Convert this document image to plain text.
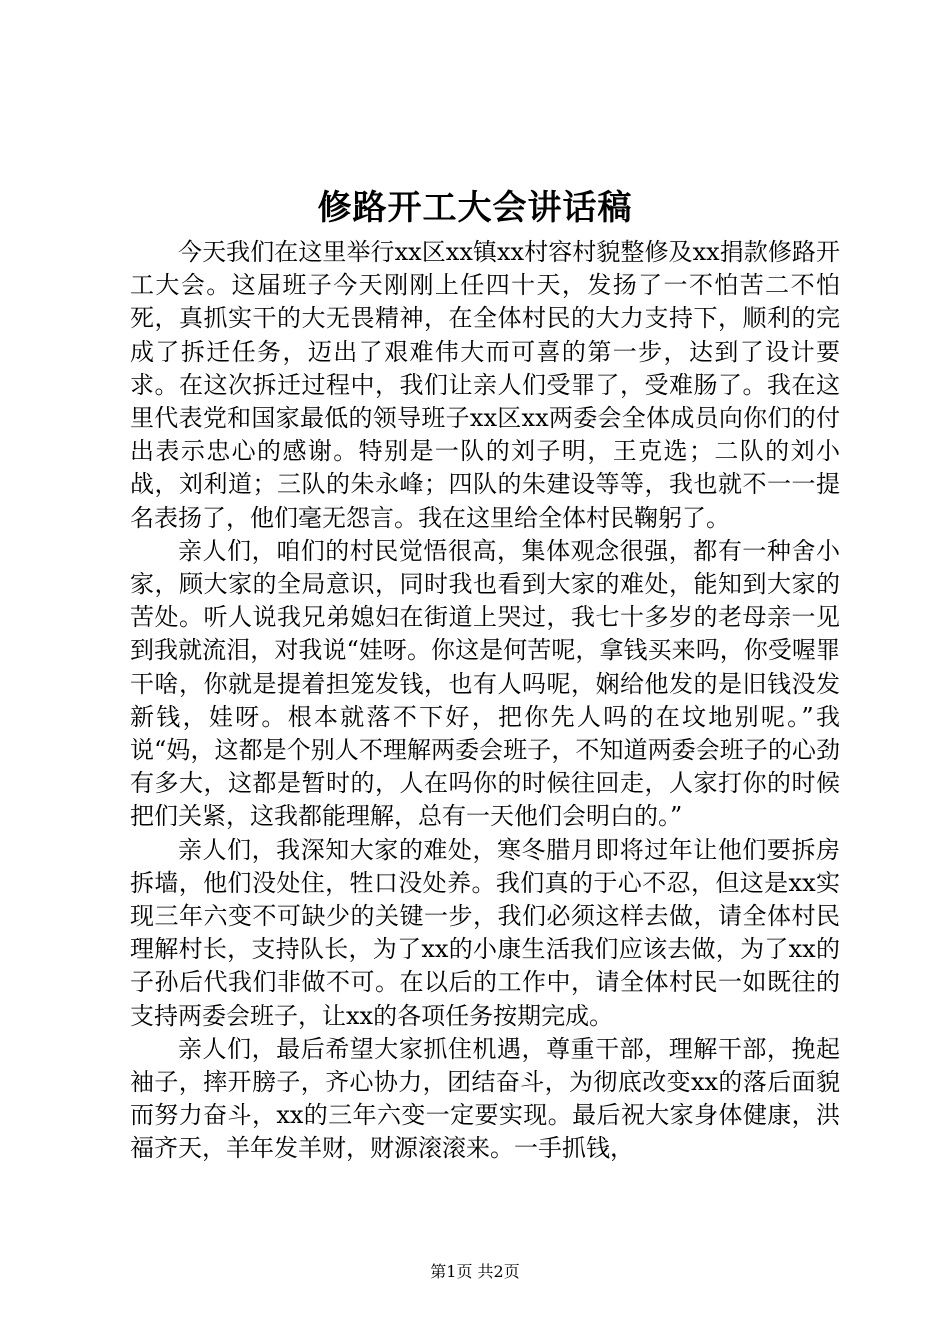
修路开工大会讲话稿

今天我们在这里举行xx区xx镇xx村容村貌整修及xx捐款修路开工大会。这届班子今天刚刚上任四十天，发扬了一不怕苦二不怕死，真抓实干的大无畏精神，在全体村民的大力支持下，顺利的完成了拆迁任务，迈出了艰难伟大而可喜的第一步，达到了设计要求。在这次拆迁过程中，我们让亲人们受罪了，受难肠了。我在这里代表党和国家最低的领导班子xx区xx两委会全体成员向你们的付出表示忠心的感谢。特别是一队的刘子明，王克选；二队的刘小战，刘利道；三队的朱永峰；四队的朱建设等等，我也就不一一提名表扬了，他们毫无怨言。我在这里给全体村民鞠躬了。

亲人们，咱们的村民觉悟很高，集体观念很强，都有一种舍小家，顾大家的全局意识，同时我也看到大家的难处，能知到大家的苦处。听人说我兄弟媳妇在街道上哭过，我七十多岁的老母亲一见到我就流泪，对我说“娃呀。你这是何苦呢，拿钱买来吗，你受喔罪干啥，你就是提着担笼发钱，也有人吗呢，娴给他发的是旧钱没发新钱，娃呀。根本就落不下好，把你先人吗的在坟地别呢。”我说“妈，这都是个别人不理解两委会班子，不知道两委会班子的心劲有多大，这都是暂时的，人在吗你的时候往回走，人家打你的时候把们关紧，这我都能理解，总有一天他们会明白的。”

亲人们，我深知大家的难处，寒冬腊月即将过年让他们要拆房拆墙，他们没处住，牲口没处养。我们真的于心不忍，但这是xx实现三年六变不可缺少的关键一步，我们必须这样去做，请全体村民理解村长，支持队长，为了xx的小康生活我们应该去做，为了xx的子孙后代我们非做不可。在以后的工作中，请全体村民一如既往的支持两委会班子，让xx的各项任务按期完成。

亲人们，最后希望大家抓住机遇，尊重干部，理解干部，挽起袖子，摔开膀子，齐心协力，团结奋斗，为彻底改变xx的落后面貌而努力奋斗，xx的三年六变一定要实现。最后祝大家身体健康，洪福齐天，羊年发羊财，财源滚滚来。一手抓钱，

第1页 共2页
